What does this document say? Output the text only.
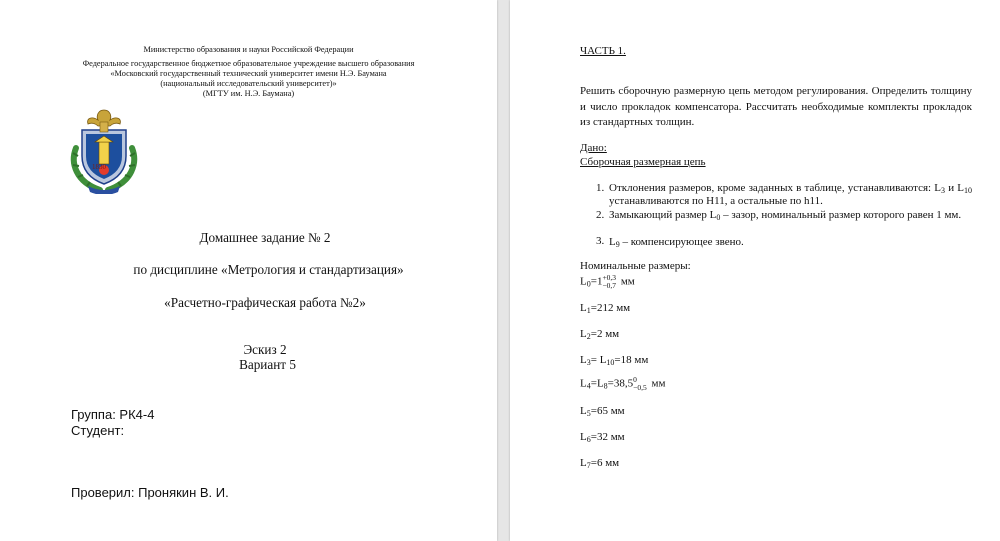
Министерство образования и науки Российской Федерации
Федеральное государственное бюджетное образовательное учреждение высшего образования
«Московский государственный технический университет имени Н.Э. Баумана
(национальный исследовательский университет)»
(МГТУ им. Н.Э. Баумана)
1830
Домашнее задание № 2
по дисциплине «Метрология и стандартизация»
«Расчетно-графическая работа №2»
Эскиз 2
Вариант 5
Группа: РК4-4
Студент:
Проверил: Пронякин В. И.
ЧАСТЬ 1.
Решить сборочную размерную цепь методом регулирования. Определить толщину и число прокладок компенсатора. Рассчитать необходимые комплекты прокладок из стандартных толщин.
Дано:
Сборочная размерная цепь
1. Отклонения размеров, кроме заданных в таблице, устанавливаются: $L_3$ и $L_{10}$ устанавливаются по H11, а остальные по h11.
2. Замыкающий размер $L_0$ – зазор, номинальный размер которого равен 1 мм.
3. $L_9$ – компенсирующее звено.
Номинальные размеры:
$L_0=1 +0,3$
−0,7 мм
$L_1=212$ мм
$L_2=2$ мм
$L_3= L_{10}=18$ мм
$L_4=L_8=38,5$ 0
−0,5 мм
$L_5=65$ мм
$L_6=32$ мм
$L_7=6$ мм
